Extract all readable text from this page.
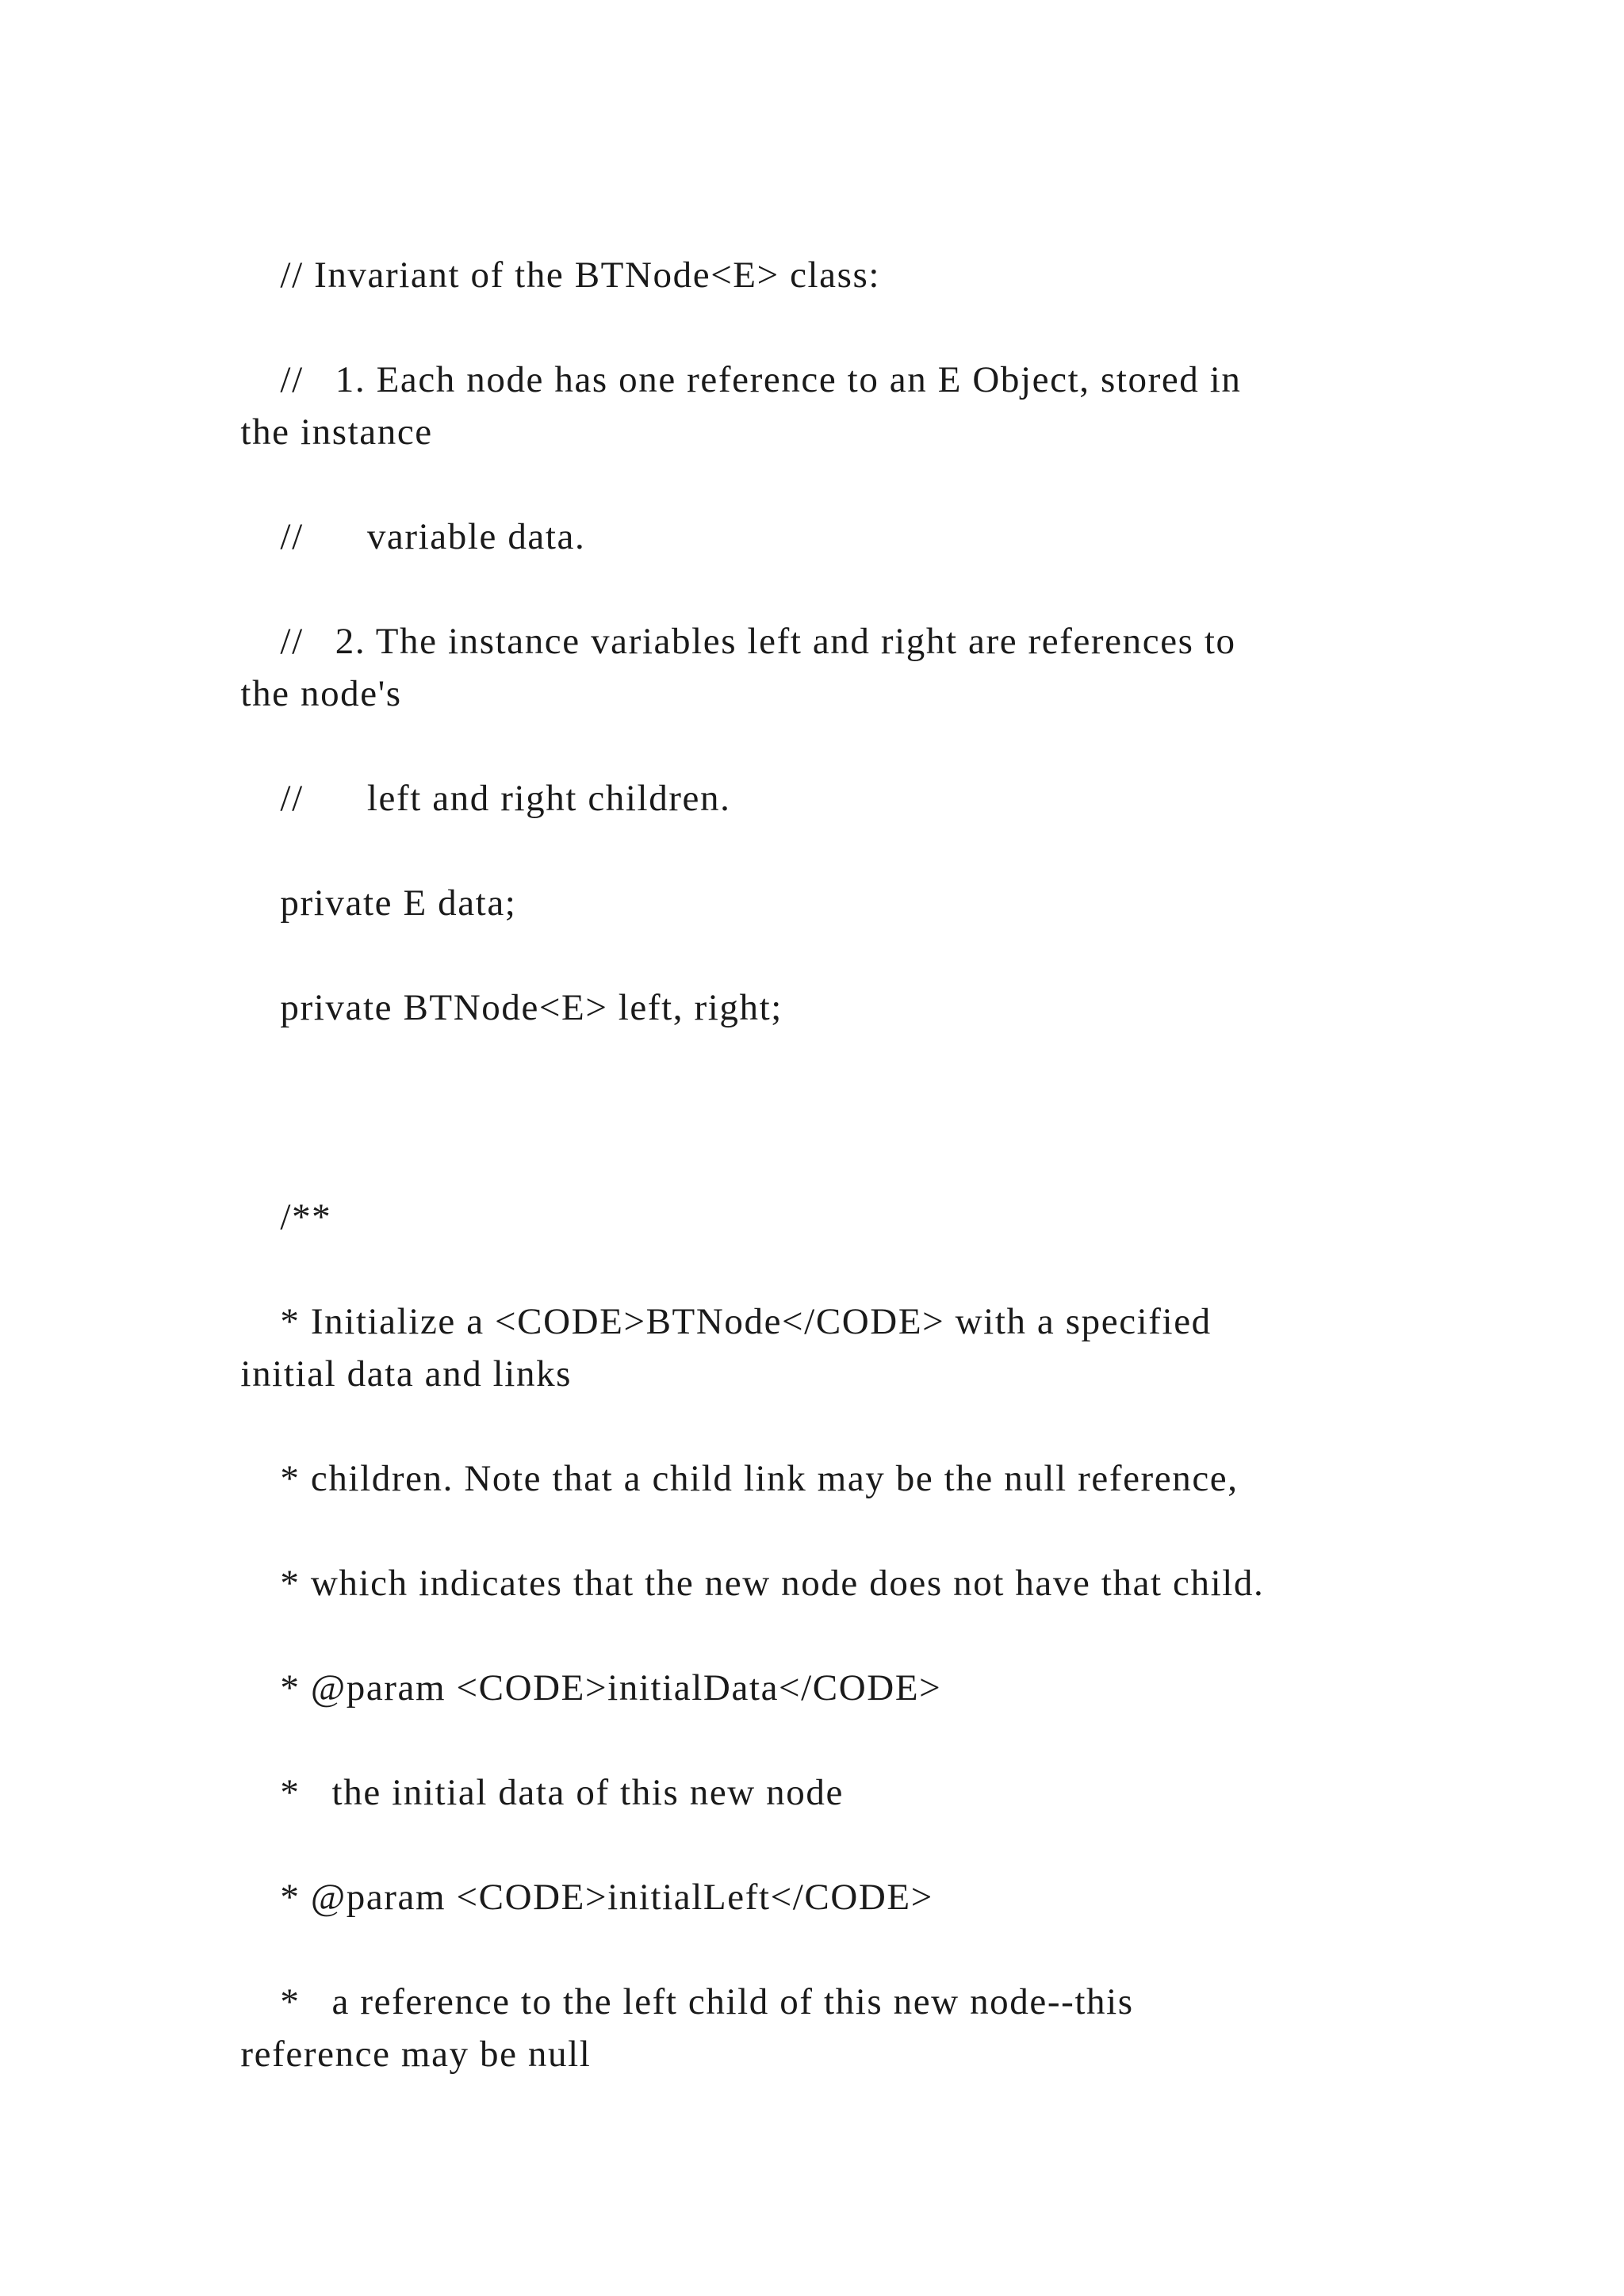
// Invariant of the BTNode<E> class:

//   1. Each node has one reference to an E Object, stored in

the instance

//      variable data.

//   2. The instance variables left and right are references to

the node's

//      left and right children.

private E data;

private BTNode<E> left, right;

/**

* Initialize a <CODE>BTNode</CODE> with a specified

initial data and links

* children. Note that a child link may be the null reference,

* which indicates that the new node does not have that child.

* @param <CODE>initialData</CODE>

*   the initial data of this new node

* @param <CODE>initialLeft</CODE>

*   a reference to the left child of this new node--this

reference may be null
